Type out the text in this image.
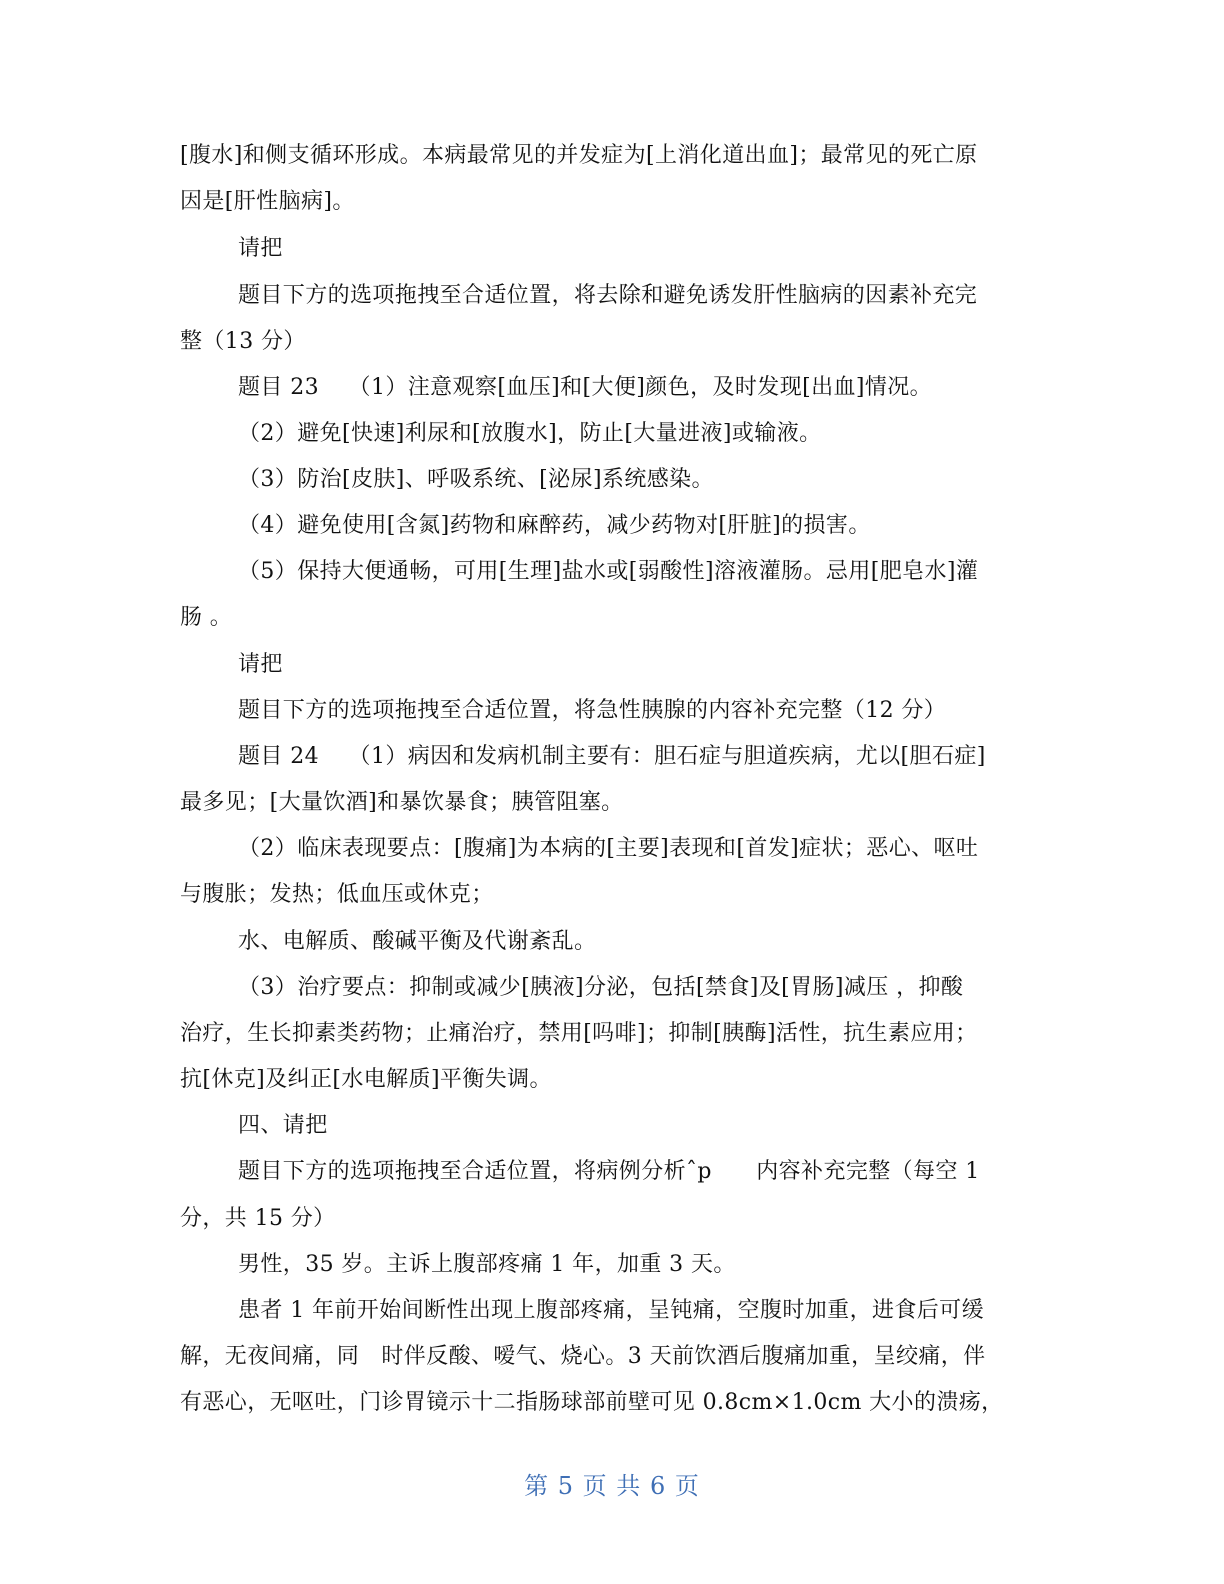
[腹水]和侧支循环形成。本病最常见的并发症为[上消化道出血]；最常见的死亡原
因是[肝性脑病]。
请把
题目下方的选项拖拽至合适位置，将去除和避免诱发肝性脑病的因素补充完
整（13 分）
题目 23    （1）注意观察[血压]和[大便]颜色，及时发现[出血]情况。
（2）避免[快速]利尿和[放腹水]，防止[大量进液]或输液。
（3）防治[皮肤]、呼吸系统、[泌尿]系统感染。
（4）避免使用[含氮]药物和麻醉药，减少药物对[肝脏]的损害。
（5）保持大便通畅，可用[生理]盐水或[弱酸性]溶液灌肠。忌用[肥皂水]灌
肠 。
请把
题目下方的选项拖拽至合适位置，将急性胰腺的内容补充完整（12 分）
题目 24    （1）病因和发病机制主要有：胆石症与胆道疾病，尤以[胆石症]
最多见；[大量饮酒]和暴饮暴食；胰管阻塞。
（2）临床表现要点：[腹痛]为本病的[主要]表现和[首发]症状；恶心、呕吐
与腹胀；发热；低血压或休克；
水、电解质、酸碱平衡及代谢紊乱。
（3）治疗要点：抑制或减少[胰液]分泌，包括[禁食]及[胃肠]减压 ，抑酸
治疗，生长抑素类药物；止痛治疗，禁用[吗啡]；抑制[胰酶]活性，抗生素应用；
抗[休克]及纠正[水电解质]平衡失调。
四、请把
题目下方的选项拖拽至合适位置，将病例分析ˆp      内容补充完整（每空 1
分，共 15 分）
男性，35 岁。主诉上腹部疼痛 1 年，加重 3 天。
患者 1 年前开始间断性出现上腹部疼痛，呈钝痛，空腹时加重，进食后可缓
解，无夜间痛，同   时伴反酸、嗳气、烧心。3 天前饮酒后腹痛加重，呈绞痛，伴
有恶心，无呕吐，门诊胃镜示十二指肠球部前壁可见 0.8cm×1.0cm 大小的溃疡，
第 5 页 共 6 页
